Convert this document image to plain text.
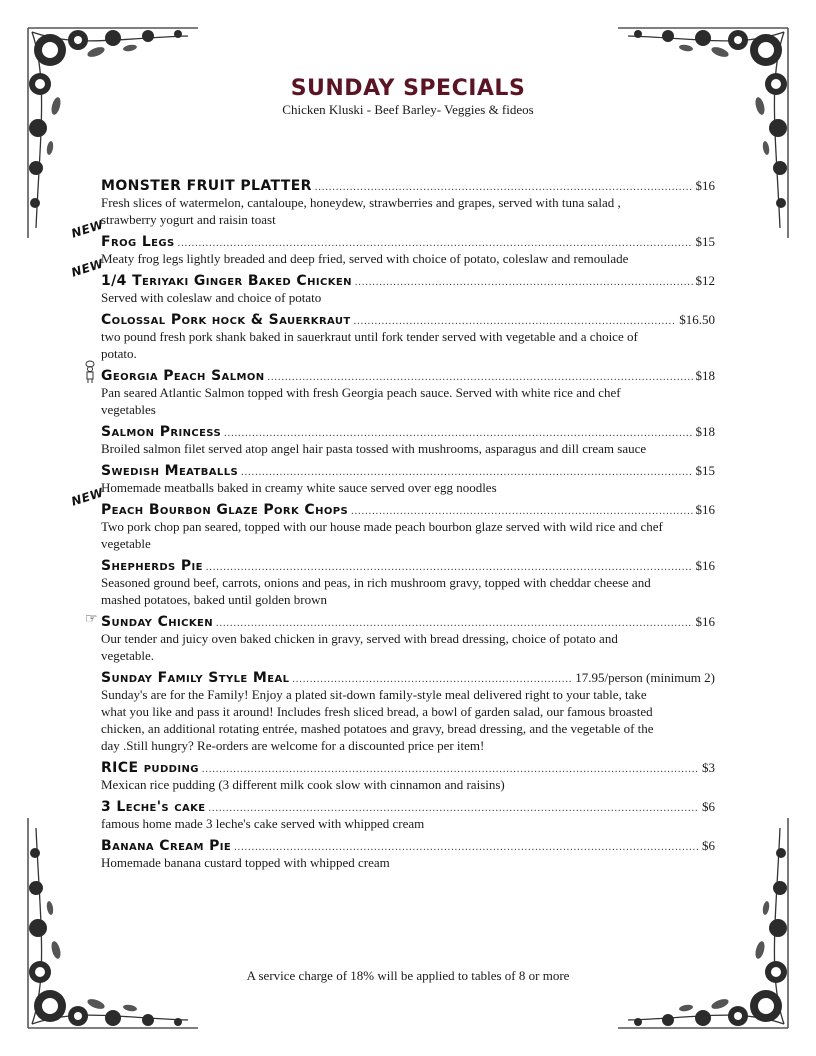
SUNDAY SPECIALS
Chicken Kluski - Beef Barley- Veggies & fideos
MONSTER FRUIT PLATTER .....	$16
Fresh slices of watermelon, cantaloupe, honeydew, strawberries and grapes, served with tuna salad , strawberry yogurt and raisin toast
NEW
Frog Legs .....	$15
Meaty frog legs lightly breaded and deep fried, served with choice of potato, coleslaw and remoulade
NEW
1/4 Teriyaki Ginger Baked Chicken .....	$12
Served with coleslaw and choice of potato
Colossal Pork hock & Sauerkraut .....	$16.50
two pound fresh pork shank baked in sauerkraut until fork tender served with vegetable and a choice of potato.
Georgia Peach Salmon .....	$18
Pan seared Atlantic Salmon topped with fresh Georgia peach sauce. Served with white rice and chef vegetables
Salmon Princess .....	$18
Broiled salmon filet served atop angel hair pasta tossed with mushrooms, asparagus and dill cream sauce
Swedish Meatballs .....	$15
Homemade meatballs baked in creamy white sauce served over egg noodles
NEW
Peach Bourbon Glaze Pork Chops .....	$16
Two pork chop pan seared, topped with our house made peach bourbon glaze served with wild rice and chef vegetable
Shepherds Pie .....	$16
Seasoned ground beef, carrots, onions and peas, in rich mushroom gravy, topped with cheddar cheese and mashed potatoes, baked until golden brown
☞ Sunday Chicken .....	$16
Our tender and juicy oven baked chicken in gravy, served with bread dressing, choice of potato and vegetable.
Sunday Family Style Meal .....	17.95/person (minimum 2)
Sunday's are for the Family! Enjoy a plated sit-down family-style meal delivered right to your table, take what you like and pass it around! Includes fresh sliced bread, a bowl of garden salad, our famous broasted chicken, an additional rotating entrée, mashed potatoes and gravy, bread dressing, and the vegetable of the day .Still hungry? Re-orders are welcome for a discounted price per item!
RICE pudding .....	$3
Mexican rice pudding (3 different milk cook slow with cinnamon and raisins)
3 Leche's cake .....	$6
famous home made 3 leche's cake served with whipped cream
Banana Cream Pie .....	$6
Homemade banana custard topped with whipped cream
A service charge of 18% will be applied to tables of 8 or more
